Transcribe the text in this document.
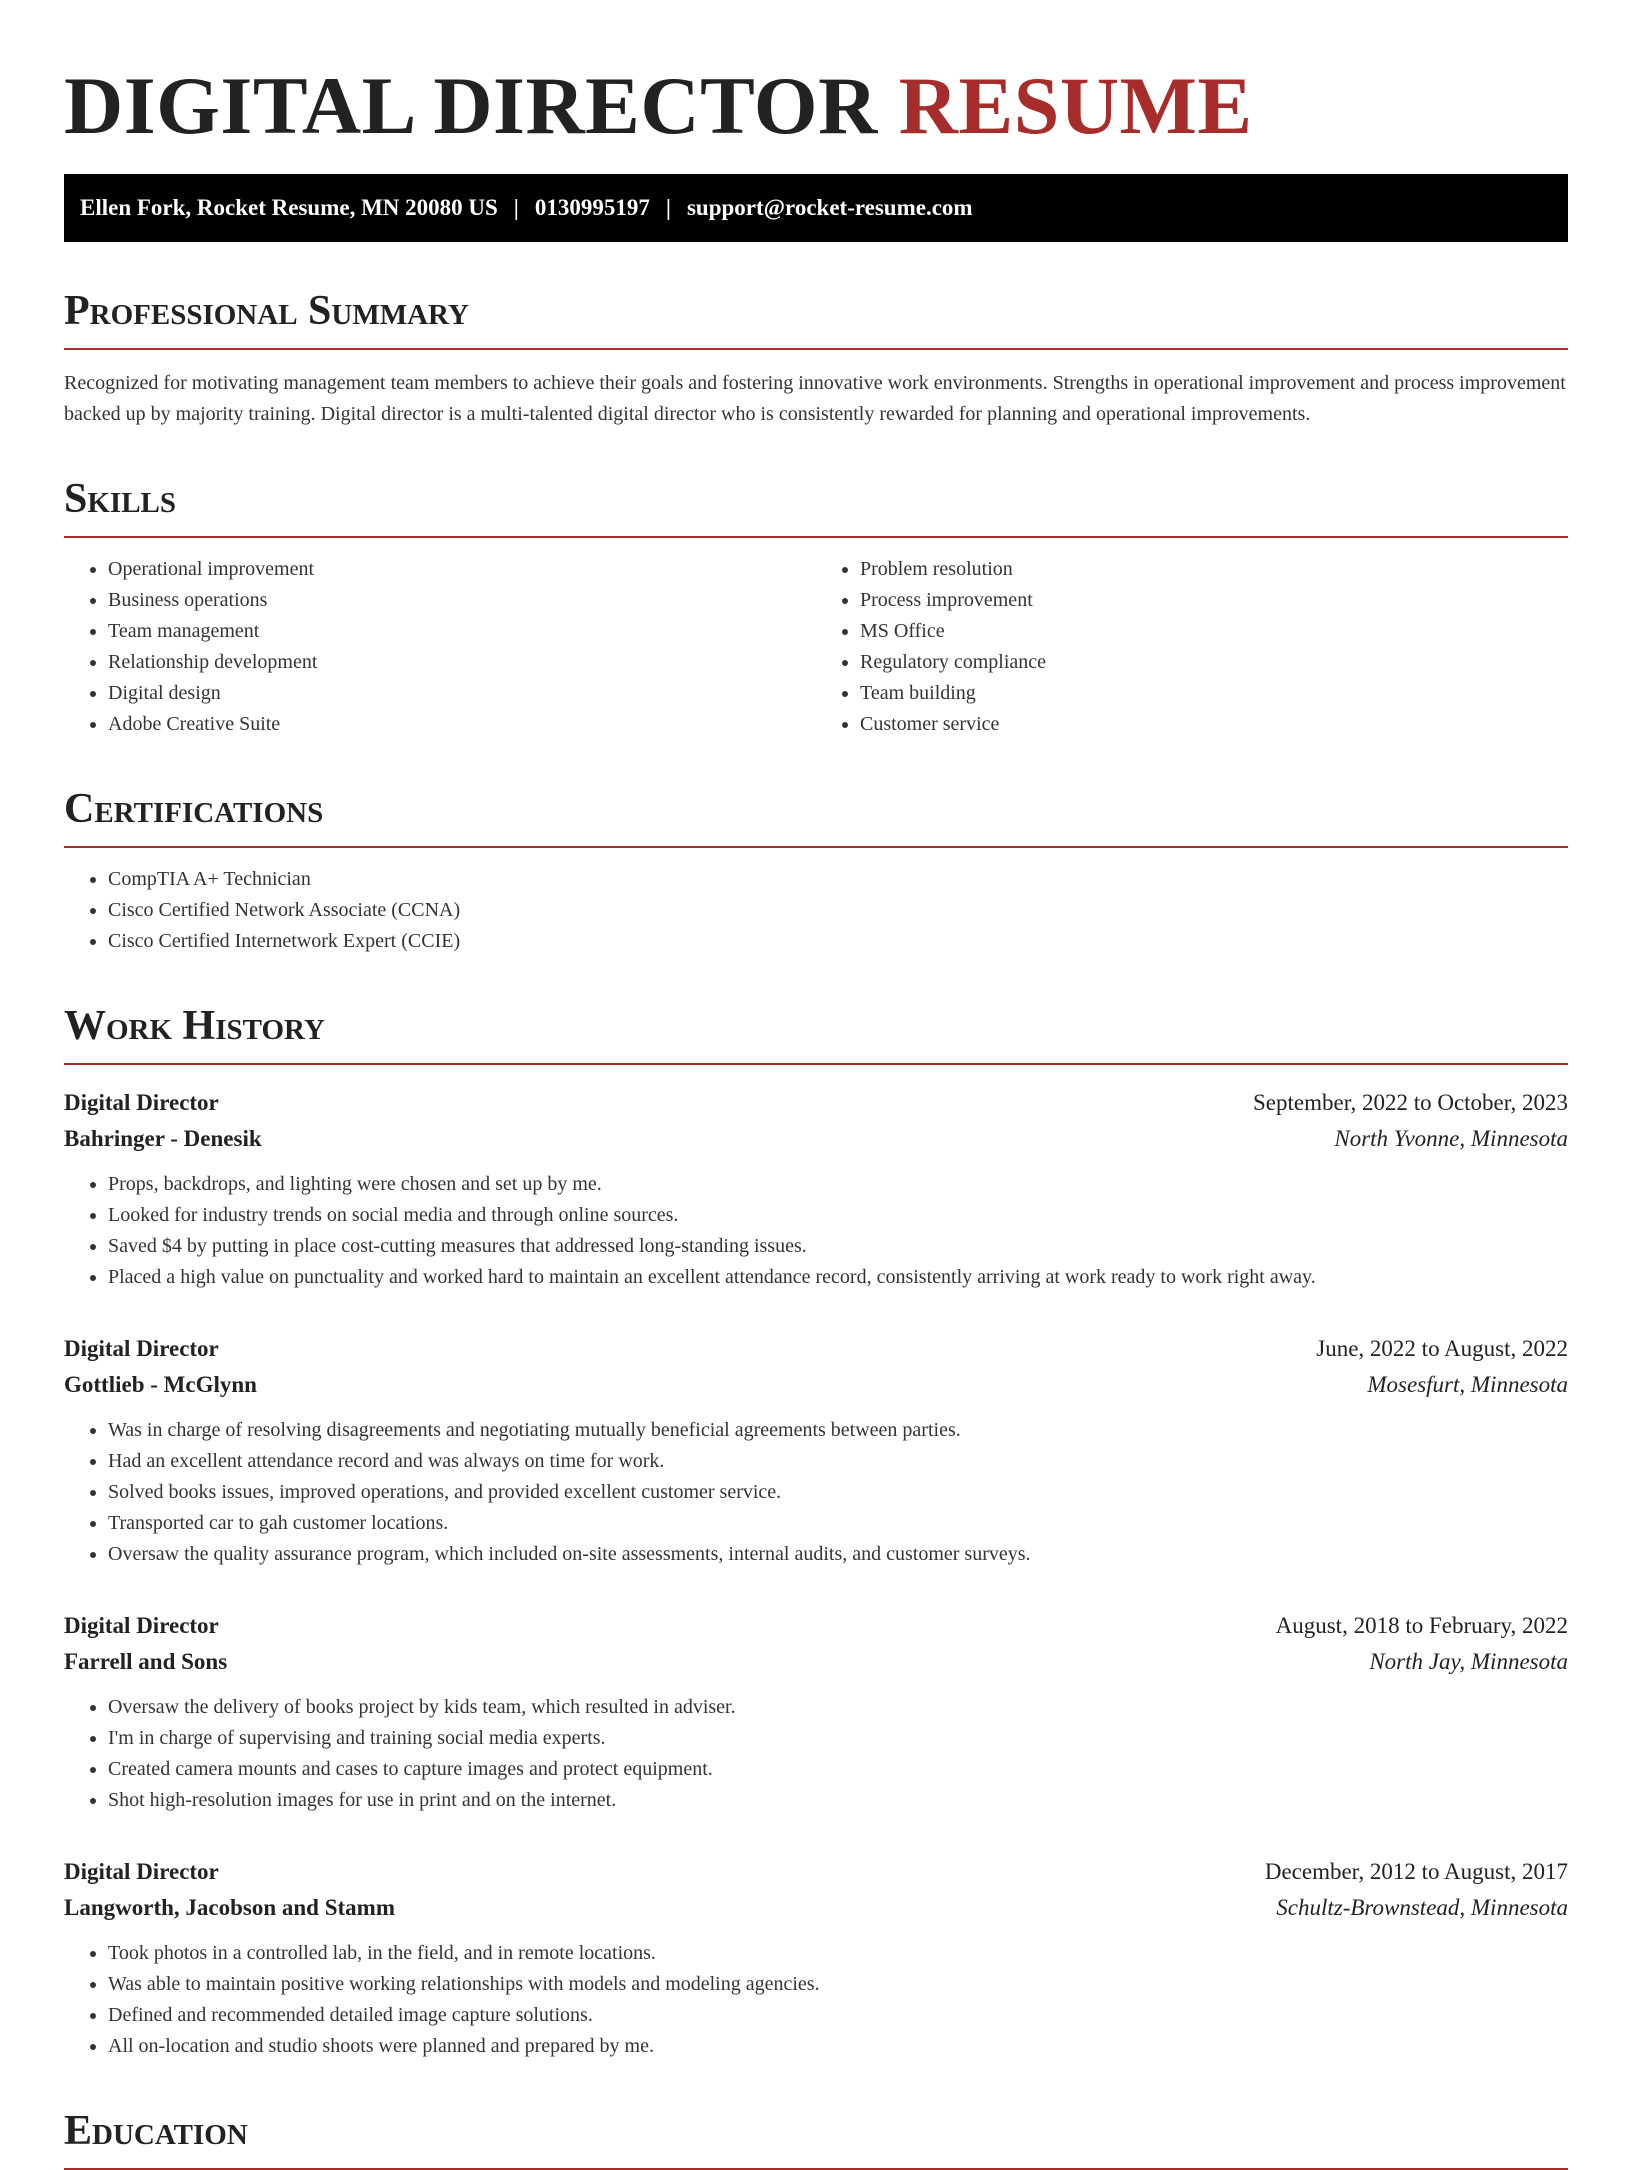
DIGITAL DIRECTOR RESUME
Ellen Fork, Rocket Resume, MN 20080 US | 0130995197 | support@rocket-resume.com
Professional Summary

Recognized for motivating management team members to achieve their goals and fostering innovative work environments. Strengths in operational improvement and process improvement backed up by majority training. Digital director is a multi-talented digital director who is consistently rewarded for planning and operational improvements.

Skills
• Operational improvement
• Business operations
• Team management
• Relationship development
• Digital design
• Adobe Creative Suite
• Problem resolution
• Process improvement
• MS Office
• Regulatory compliance
• Team building
• Customer service
Certifications
• CompTIA A+ Technician
• Cisco Certified Network Associate (CCNA)
• Cisco Certified Internetwork Expert (CCIE)
Work History
Digital Director	September, 2022 to October, 2023
Bahringer - Denesik	North Yvonne, Minnesota
• Props, backdrops, and lighting were chosen and set up by me.
• Looked for industry trends on social media and through online sources.
• Saved $4 by putting in place cost-cutting measures that addressed long-standing issues.
• Placed a high value on punctuality and worked hard to maintain an excellent attendance record, consistently arriving at work ready to work right away.
Digital Director	June, 2022 to August, 2022
Gottlieb - McGlynn	Mosesfurt, Minnesota
• Was in charge of resolving disagreements and negotiating mutually beneficial agreements between parties.
• Had an excellent attendance record and was always on time for work.
• Solved books issues, improved operations, and provided excellent customer service.
• Transported car to gah customer locations.
• Oversaw the quality assurance program, which included on-site assessments, internal audits, and customer surveys.
Digital Director	August, 2018 to February, 2022
Farrell and Sons	North Jay, Minnesota
• Oversaw the delivery of books project by kids team, which resulted in adviser.
• I'm in charge of supervising and training social media experts.
• Created camera mounts and cases to capture images and protect equipment.
• Shot high-resolution images for use in print and on the internet.
Digital Director	December, 2012 to August, 2017
Langworth, Jacobson and Stamm	Schultz-Brownstead, Minnesota
• Took photos in a controlled lab, in the field, and in remote locations.
• Was able to maintain positive working relationships with models and modeling agencies.
• Defined and recommended detailed image capture solutions.
• All on-location and studio shoots were planned and prepared by me.
Education
